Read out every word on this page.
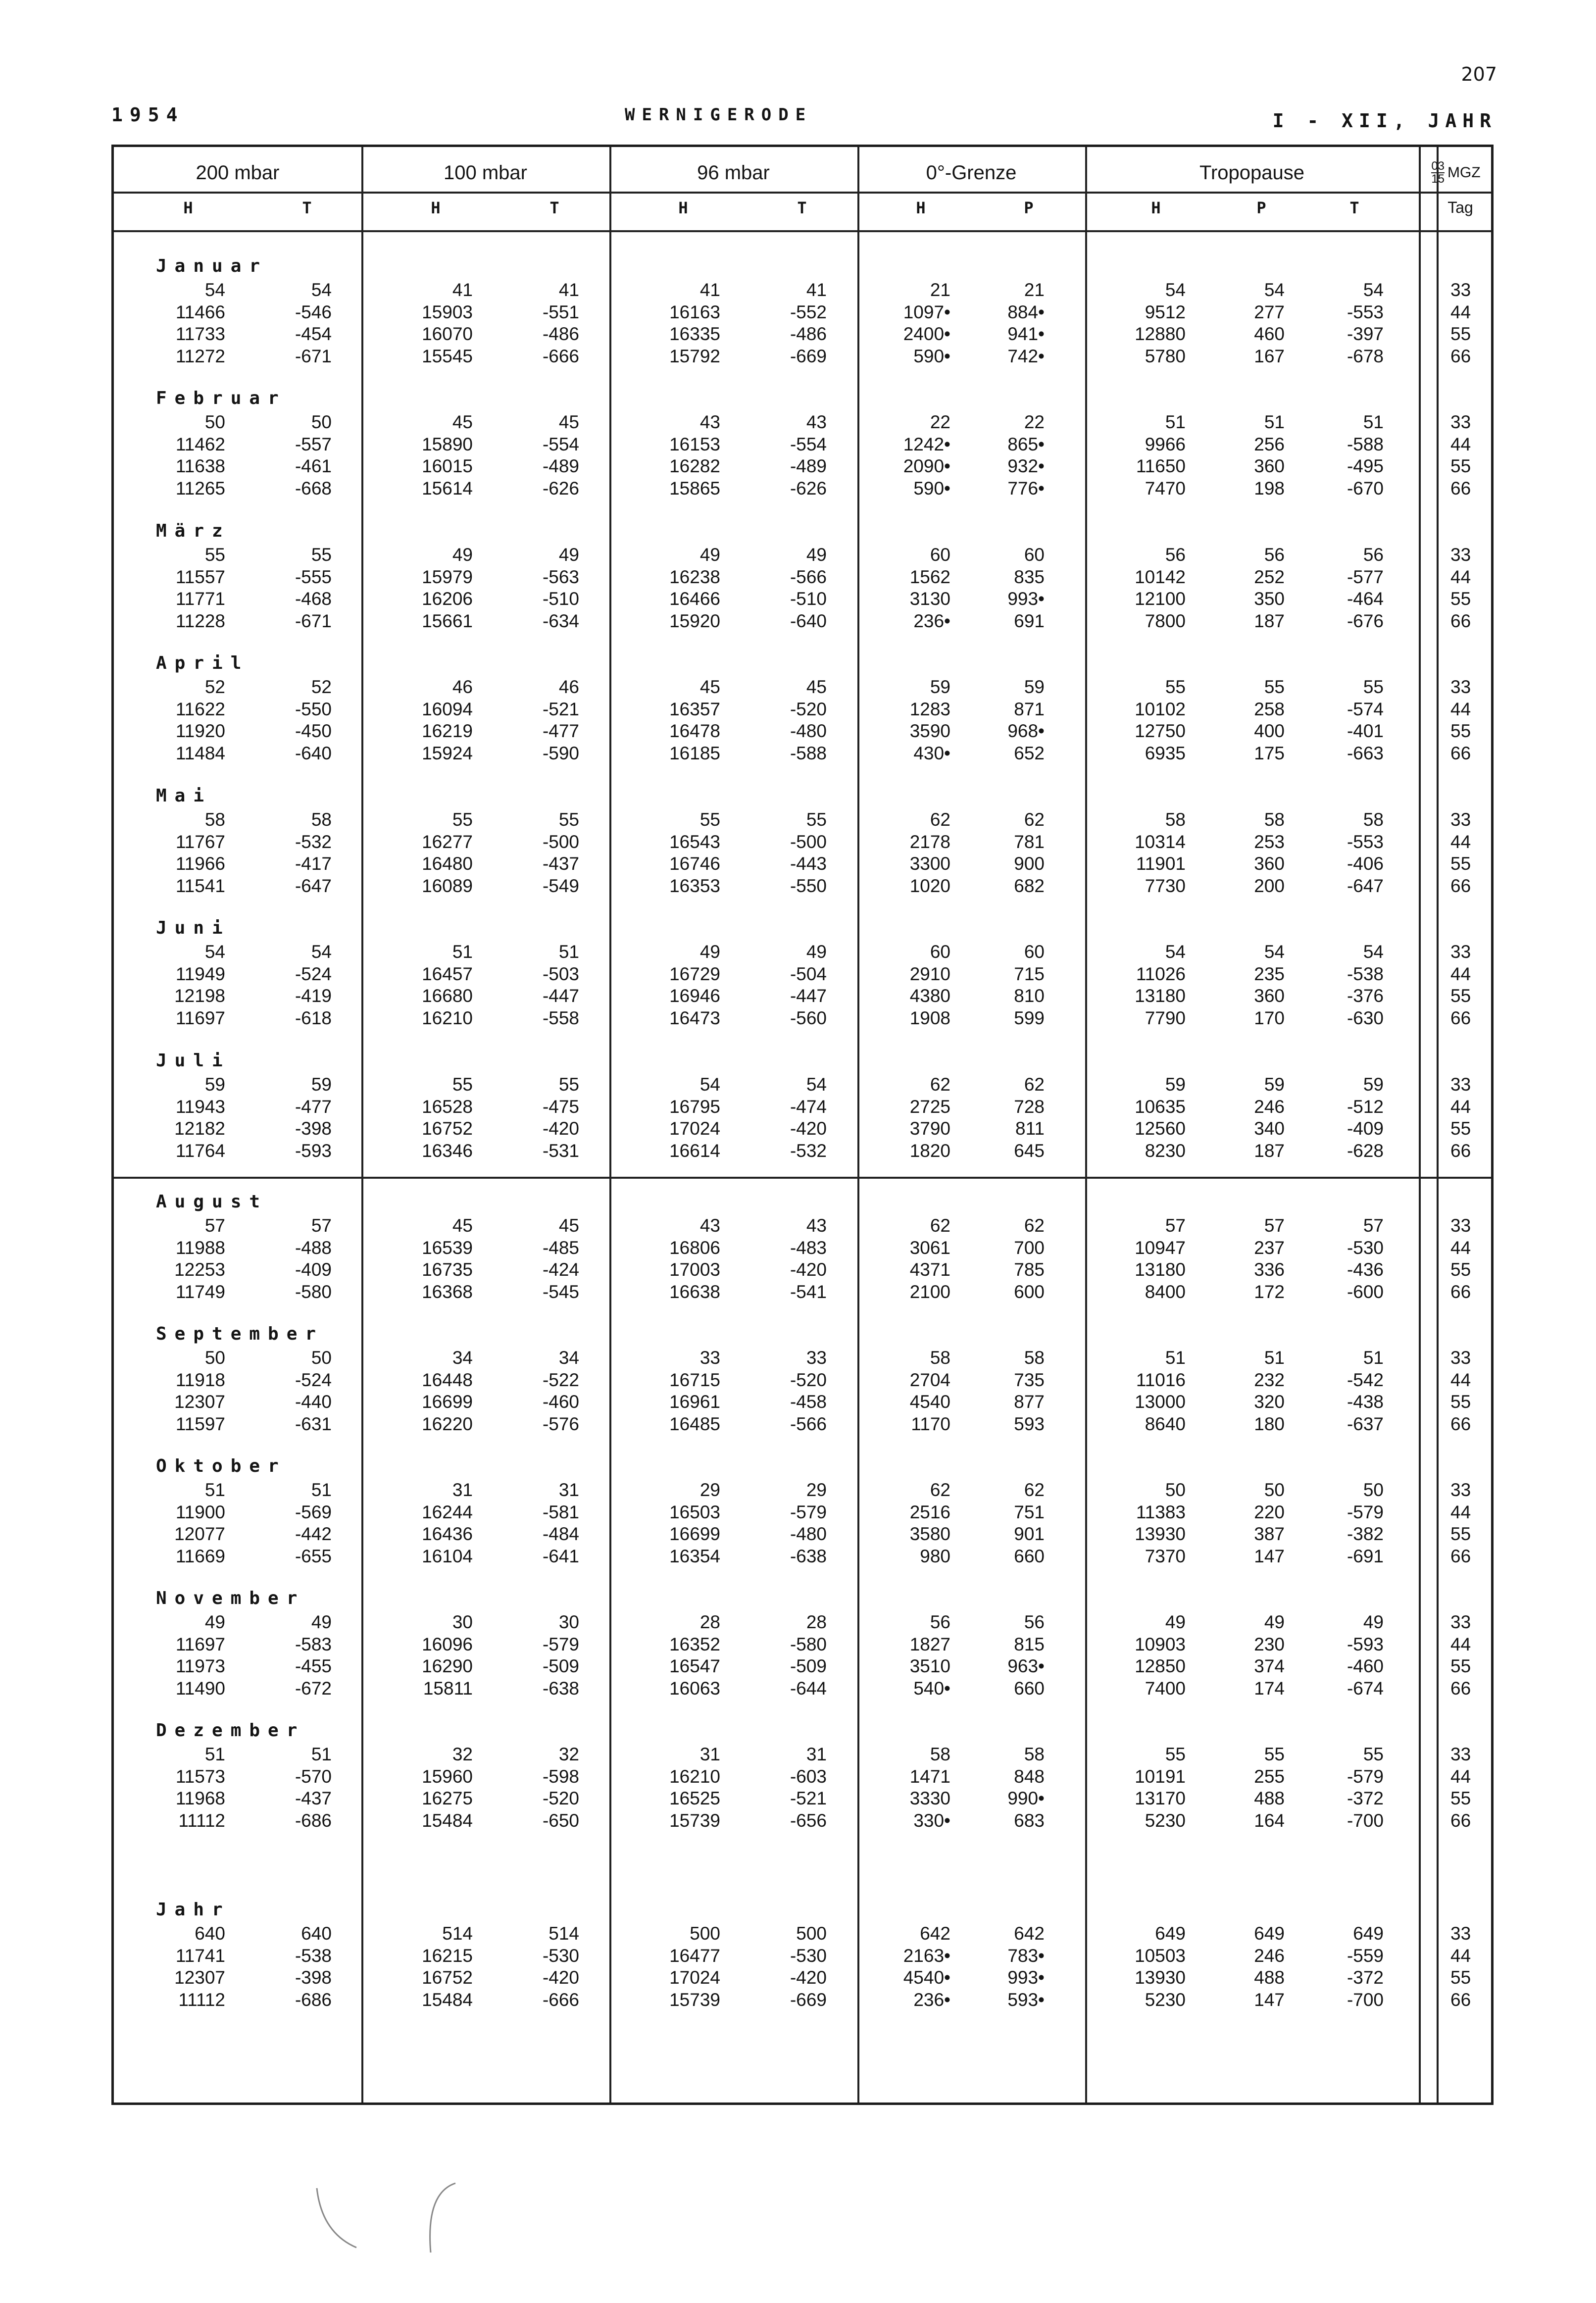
207
1954	WERNIGERODE	I - XII, JAHR
200 mbar	100 mbar	96 mbar	0°-Grenze	Tropopause	$\frac{03}{15}$ MGZ
H	T	H	T	H	T	H	P	H	P	T	Tag
Januar
54	54	41	41	41	41	21	21	54	54	54	33
11466	-546	15903	-551	16163	-552	1097•	884•	9512	277	-553	44
11733	-454	16070	-486	16335	-486	2400•	941•	12880	460	-397	55
11272	-671	15545	-666	15792	-669	590•	742•	5780	167	-678	66
Februar
50	50	45	45	43	43	22	22	51	51	51	33
11462	-557	15890	-554	16153	-554	1242•	865•	9966	256	-588	44
11638	-461	16015	-489	16282	-489	2090•	932•	11650	360	-495	55
11265	-668	15614	-626	15865	-626	590•	776•	7470	198	-670	66
März
55	55	49	49	49	49	60	60	56	56	56	33
11557	-555	15979	-563	16238	-566	1562	835	10142	252	-577	44
11771	-468	16206	-510	16466	-510	3130	993•	12100	350	-464	55
11228	-671	15661	-634	15920	-640	236•	691	7800	187	-676	66
April
52	52	46	46	45	45	59	59	55	55	55	33
11622	-550	16094	-521	16357	-520	1283	871	10102	258	-574	44
11920	-450	16219	-477	16478	-480	3590	968•	12750	400	-401	55
11484	-640	15924	-590	16185	-588	430•	652	6935	175	-663	66
Mai
58	58	55	55	55	55	62	62	58	58	58	33
11767	-532	16277	-500	16543	-500	2178	781	10314	253	-553	44
11966	-417	16480	-437	16746	-443	3300	900	11901	360	-406	55
11541	-647	16089	-549	16353	-550	1020	682	7730	200	-647	66
Juni
54	54	51	51	49	49	60	60	54	54	54	33
11949	-524	16457	-503	16729	-504	2910	715	11026	235	-538	44
12198	-419	16680	-447	16946	-447	4380	810	13180	360	-376	55
11697	-618	16210	-558	16473	-560	1908	599	7790	170	-630	66
Juli
59	59	55	55	54	54	62	62	59	59	59	33
11943	-477	16528	-475	16795	-474	2725	728	10635	246	-512	44
12182	-398	16752	-420	17024	-420	3790	811	12560	340	-409	55
11764	-593	16346	-531	16614	-532	1820	645	8230	187	-628	66
August
57	57	45	45	43	43	62	62	57	57	57	33
11988	-488	16539	-485	16806	-483	3061	700	10947	237	-530	44
12253	-409	16735	-424	17003	-420	4371	785	13180	336	-436	55
11749	-580	16368	-545	16638	-541	2100	600	8400	172	-600	66
September
50	50	34	34	33	33	58	58	51	51	51	33
11918	-524	16448	-522	16715	-520	2704	735	11016	232	-542	44
12307	-440	16699	-460	16961	-458	4540	877	13000	320	-438	55
11597	-631	16220	-576	16485	-566	1170	593	8640	180	-637	66
Oktober
51	51	31	31	29	29	62	62	50	50	50	33
11900	-569	16244	-581	16503	-579	2516	751	11383	220	-579	44
12077	-442	16436	-484	16699	-480	3580	901	13930	387	-382	55
11669	-655	16104	-641	16354	-638	980	660	7370	147	-691	66
November
49	49	30	30	28	28	56	56	49	49	49	33
11697	-583	16096	-579	16352	-580	1827	815	10903	230	-593	44
11973	-455	16290	-509	16547	-509	3510	963•	12850	374	-460	55
11490	-672	15811	-638	16063	-644	540•	660	7400	174	-674	66
Dezember
51	51	32	32	31	31	58	58	55	55	55	33
11573	-570	15960	-598	16210	-603	1471	848	10191	255	-579	44
11968	-437	16275	-520	16525	-521	3330	990•	13170	488	-372	55
11112	-686	15484	-650	15739	-656	330•	683	5230	164	-700	66
Jahr
640	640	514	514	500	500	642	642	649	649	649	33
11741	-538	16215	-530	16477	-530	2163•	783•	10503	246	-559	44
12307	-398	16752	-420	17024	-420	4540•	993•	13930	488	-372	55
11112	-686	15484	-666	15739	-669	236•	593•	5230	147	-700	66
